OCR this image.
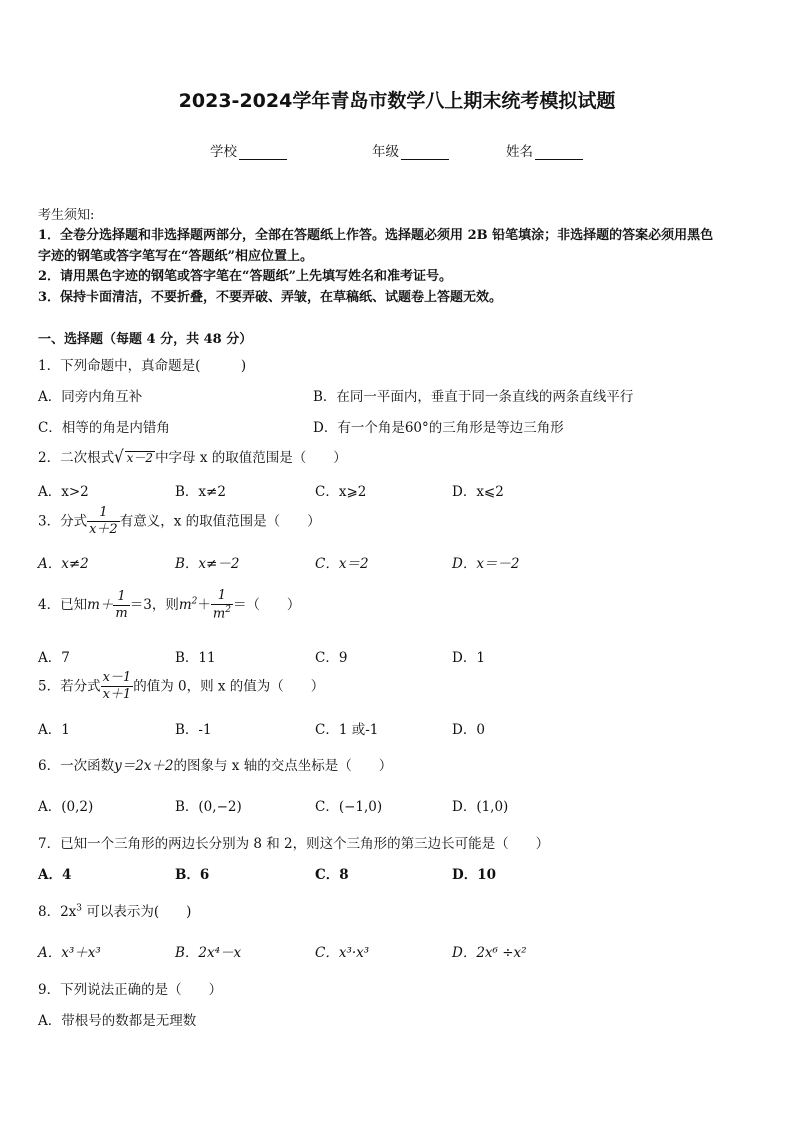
2023-2024学年青岛市数学八上期末统考模拟试题
学校	年级	姓名
考生须知:
1．全卷分选择题和非选择题两部分，全部在答题纸上作答。选择题必须用 2B 铅笔填涂；非选择题的答案必须用黑色
字迹的钢笔或答字笔写在“答题纸”相应位置上。
2．请用黑色字迹的钢笔或答字笔在“答题纸”上先填写姓名和准考证号。
3．保持卡面清洁，不要折叠，不要弄破、弄皱，在草稿纸、试题卷上答题无效。
一、选择题（每题 4 分，共 48 分）
1．下列命题中，真命题是(　　　)
A．同旁内角互补	B．在同一平面内，垂直于同一条直线的两条直线平行
C．相等的角是内错角	D．有一个角是60°的三角形是等边三角形
2．二次根式√ x－2 中字母 x 的取值范围是（　　）
A．x>2	B．x≠2	C．x⩾2	D．x⩽2
3．分式 $\frac{1}{x+2}$ 有意义，x 的取值范围是（　　）
A．x≠2	B．x≠－2	C．x＝2	D．x＝－2
4．已知$m+ \frac{1}{m} =3$，则$m^2+ \frac{1}{m^2}$ ＝（　　）
A．7	B．11	C．9	D．1
5．若分式 $\frac{x-1}{x+1}$ 的值为 0，则 x 的值为（　　）
A．1	B．-1	C．1 或-1	D．0
6．一次函数y＝2x＋2的图象与 x 轴的交点坐标是（　　）
A．(0,2)	B．(0,−2)	C．(−1,0)	D．(1,0)
7．已知一个三角形的两边长分别为 8 和 2，则这个三角形的第三边长可能是（　　）
A．4	B．6	C．8	D．10
8．$2x^3$ 可以表示为(　　)
A．x³＋x³	B．2x⁴－x	C．x³·x³	D．2x⁶ ÷x²
9．下列说法正确的是（　　）
A．带根号的数都是无理数
